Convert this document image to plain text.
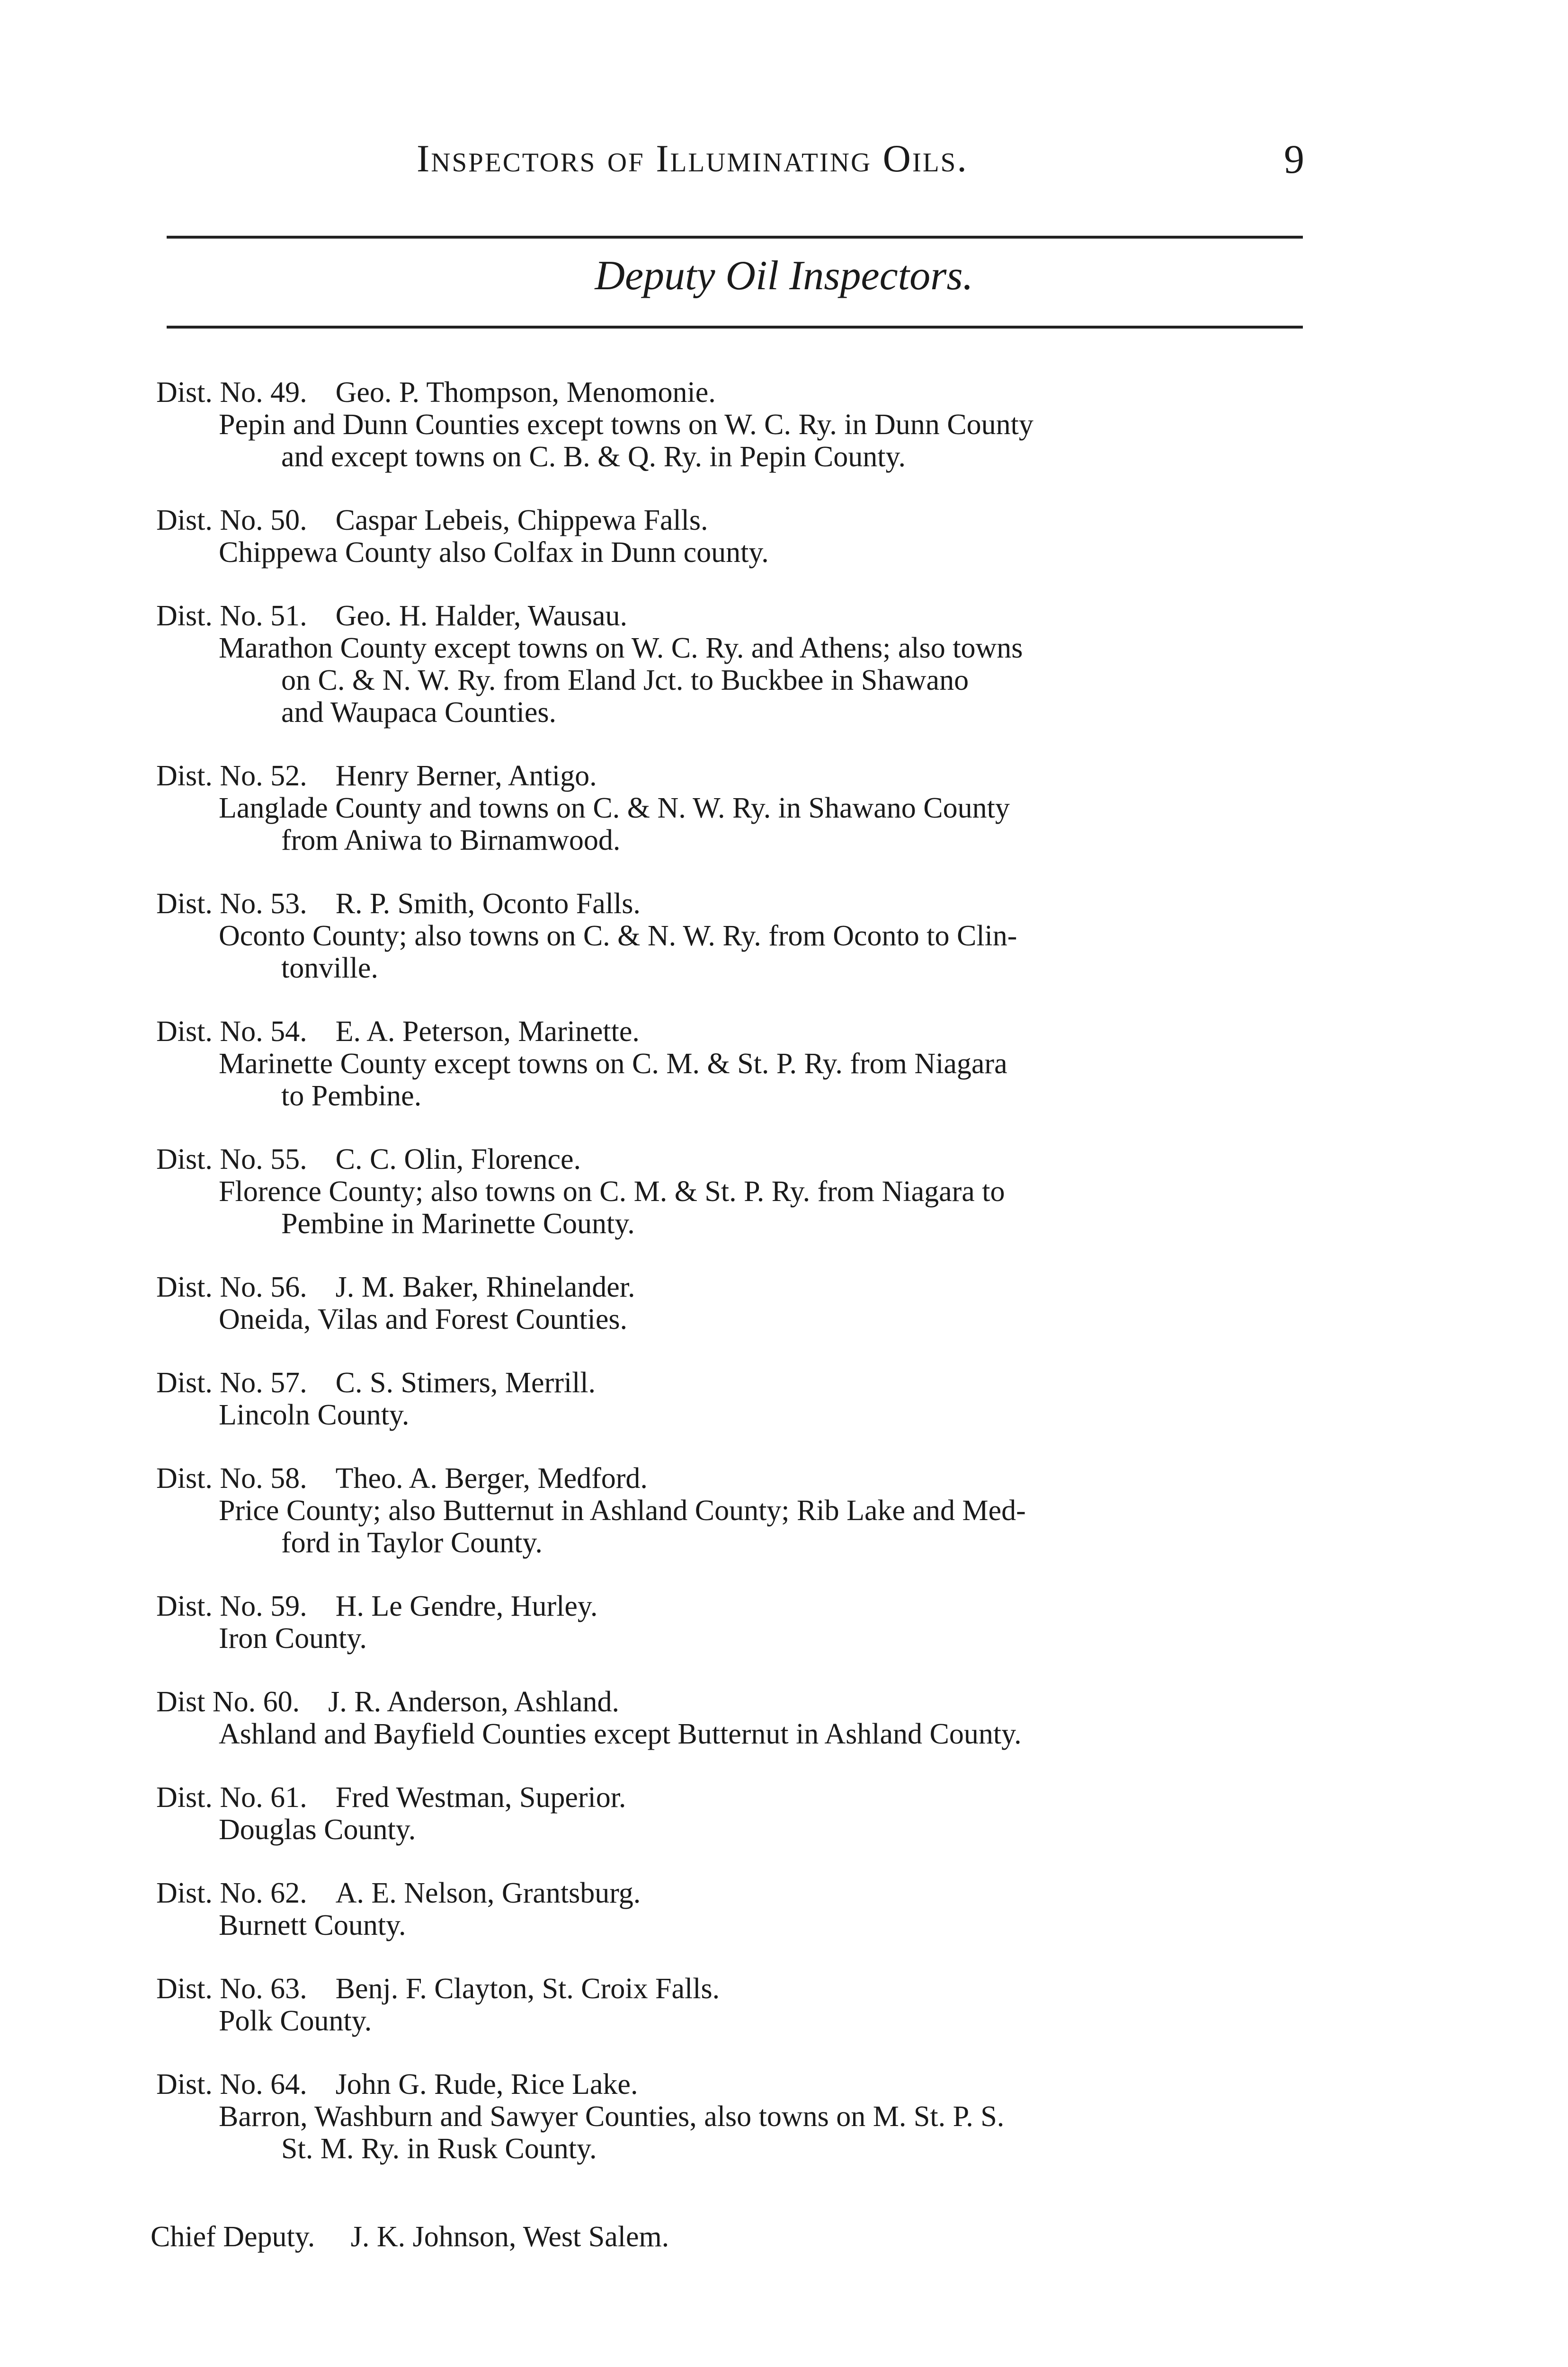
Inspectors of Illuminating Oils.	9
Deputy Oil Inspectors.
Dist. No. 49. Geo. P. Thompson, Menomonie.
Pepin and Dunn Counties except towns on W. C. Ry. in Dunn County
and except towns on C. B. & Q. Ry. in Pepin County.
Dist. No. 50. Caspar Lebeis, Chippewa Falls.
Chippewa County also Colfax in Dunn county.
Dist. No. 51. Geo. H. Halder, Wausau.
Marathon County except towns on W. C. Ry. and Athens; also towns
on C. & N. W. Ry. from Eland Jct. to Buckbee in Shawano
and Waupaca Counties.
Dist. No. 52. Henry Berner, Antigo.
Langlade County and towns on C. & N. W. Ry. in Shawano County
from Aniwa to Birnamwood.
Dist. No. 53. R. P. Smith, Oconto Falls.
Oconto County; also towns on C. & N. W. Ry. from Oconto to Clin-
tonville.
Dist. No. 54. E. A. Peterson, Marinette.
Marinette County except towns on C. M. & St. P. Ry. from Niagara
to Pembine.
Dist. No. 55. C. C. Olin, Florence.
Florence County; also towns on C. M. & St. P. Ry. from Niagara to
Pembine in Marinette County.
Dist. No. 56. J. M. Baker, Rhinelander.
Oneida, Vilas and Forest Counties.
Dist. No. 57. C. S. Stimers, Merrill.
Lincoln County.
Dist. No. 58. Theo. A. Berger, Medford.
Price County; also Butternut in Ashland County; Rib Lake and Med-
ford in Taylor County.
Dist. No. 59. H. Le Gendre, Hurley.
Iron County.
Dist No. 60. J. R. Anderson, Ashland.
Ashland and Bayfield Counties except Butternut in Ashland County.
Dist. No. 61. Fred Westman, Superior.
Douglas County.
Dist. No. 62. A. E. Nelson, Grantsburg.
Burnett County.
Dist. No. 63. Benj. F. Clayton, St. Croix Falls.
Polk County.
Dist. No. 64. John G. Rude, Rice Lake.
Barron, Washburn and Sawyer Counties, also towns on M. St. P. S.
St. M. Ry. in Rusk County.
Chief Deputy. J. K. Johnson, West Salem.
